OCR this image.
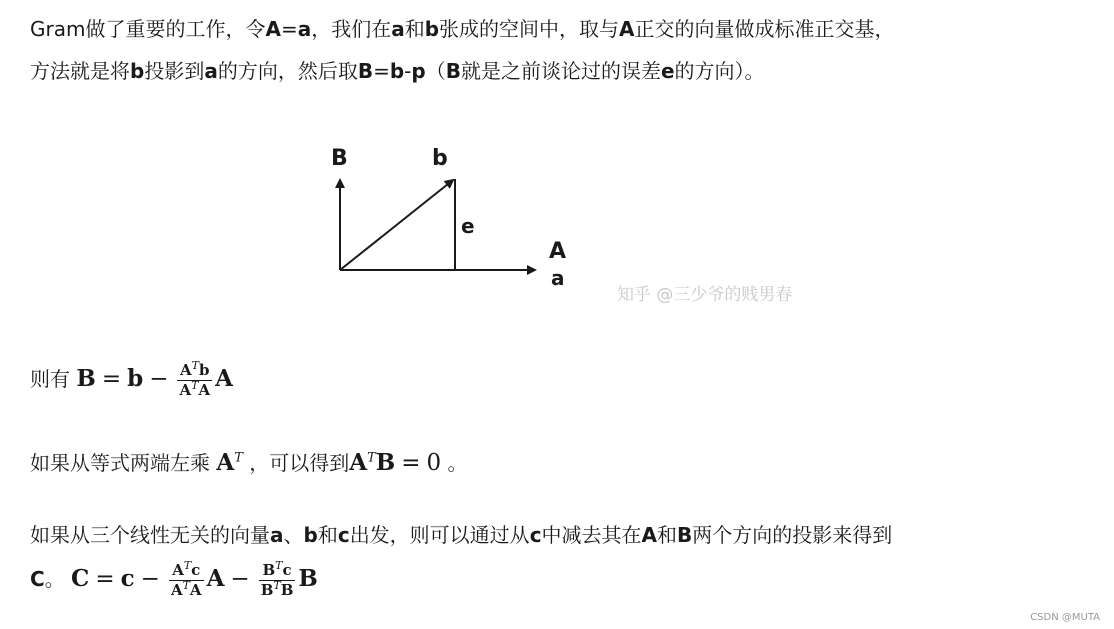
Gram做了重要的工作，令A=a，我们在a和b张成的空间中，取与A正交的向量做成标准正交基，
方法就是将b投影到a的方向，然后取B=b-p（B就是之前谈论过的误差e的方向）。
B	b
e
A
a
知乎 @三少爷的贱男春
则有 $B = b - \frac{A^Tb}{A^TA}$ A
如果从等式两端左乘 $A^T$ ，可以得到$A^TB = 0$ 。
如果从三个线性无关的向量a、b和c出发，则可以通过从c中减去其在A和B两个方向的投影来得到
C。 $C = c - \frac{A^Tc}{A^TA}$ $A - \frac{B^Tc}{B^TB}$ B
CSDN @MUTA⁠
